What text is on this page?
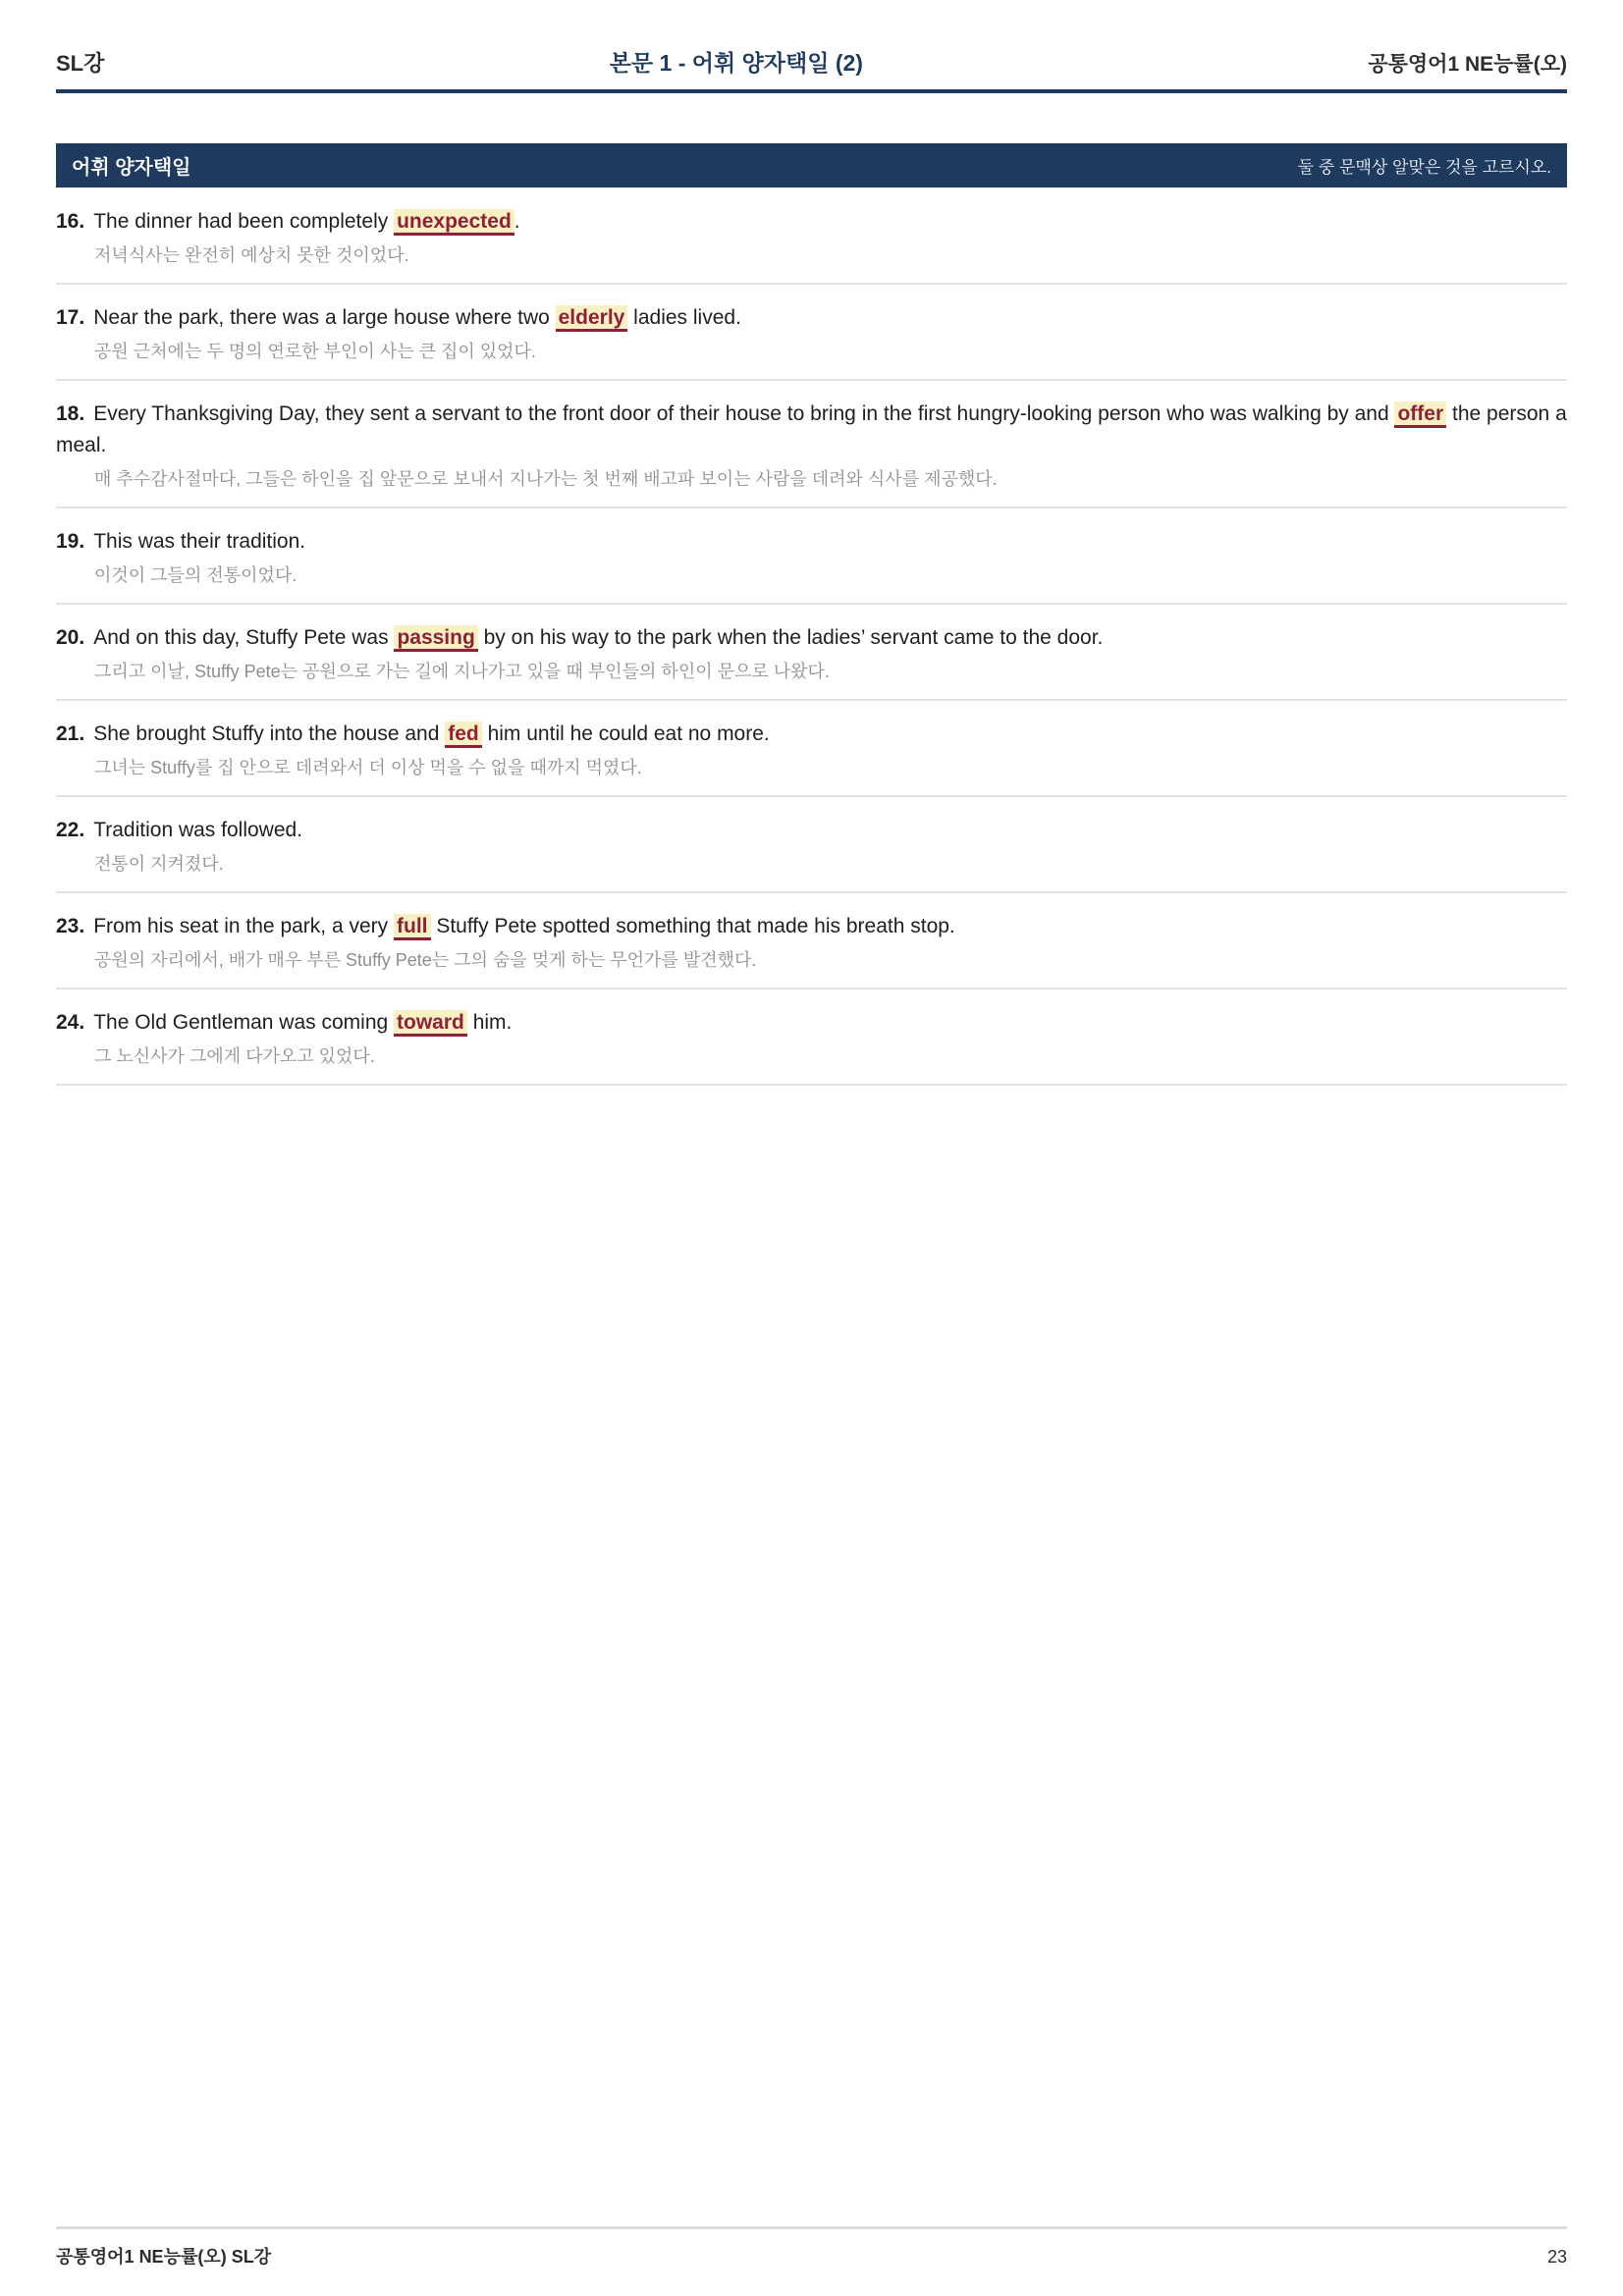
SL강	본문 1 - 어휘 양자택일 (2)	공통영어1 NE능률(오)
어휘 양자택일	둘 중 문맥상 알맞은 것을 고르시오.
16. The dinner had been completely unexpected .
저녁식사는 완전히 예상치 못한 것이었다.
17. Near the park, there was a large house where two elderly ladies lived.
공원 근처에는 두 명의 연로한 부인이 사는 큰 집이 있었다.
18. Every Thanksgiving Day, they sent a servant to the front door of their house to bring in the first hungry-looking person who was walking by and offer the person a meal.
매 추수감사절마다, 그들은 하인을 집 앞문으로 보내서 지나가는 첫 번째 배고파 보이는 사람을 데려와 식사를 제공했다.
19. This was their tradition.
이것이 그들의 전통이었다.
20. And on this day, Stuffy Pete was passing by on his way to the park when the ladies’ servant came to the door.
그리고 이날, Stuffy Pete는 공원으로 가는 길에 지나가고 있을 때 부인들의 하인이 문으로 나왔다.
21. She brought Stuffy into the house and fed him until he could eat no more.
그녀는 Stuffy를 집 안으로 데려와서 더 이상 먹을 수 없을 때까지 먹였다.
22. Tradition was followed.
전통이 지켜졌다.
23. From his seat in the park, a very full Stuffy Pete spotted something that made his breath stop.
공원의 자리에서, 배가 매우 부른 Stuffy Pete는 그의 숨을 멎게 하는 무언가를 발견했다.
24. The Old Gentleman was coming toward him.
그 노신사가 그에게 다가오고 있었다.
공통영어1 NE능률(오) SL강	23
